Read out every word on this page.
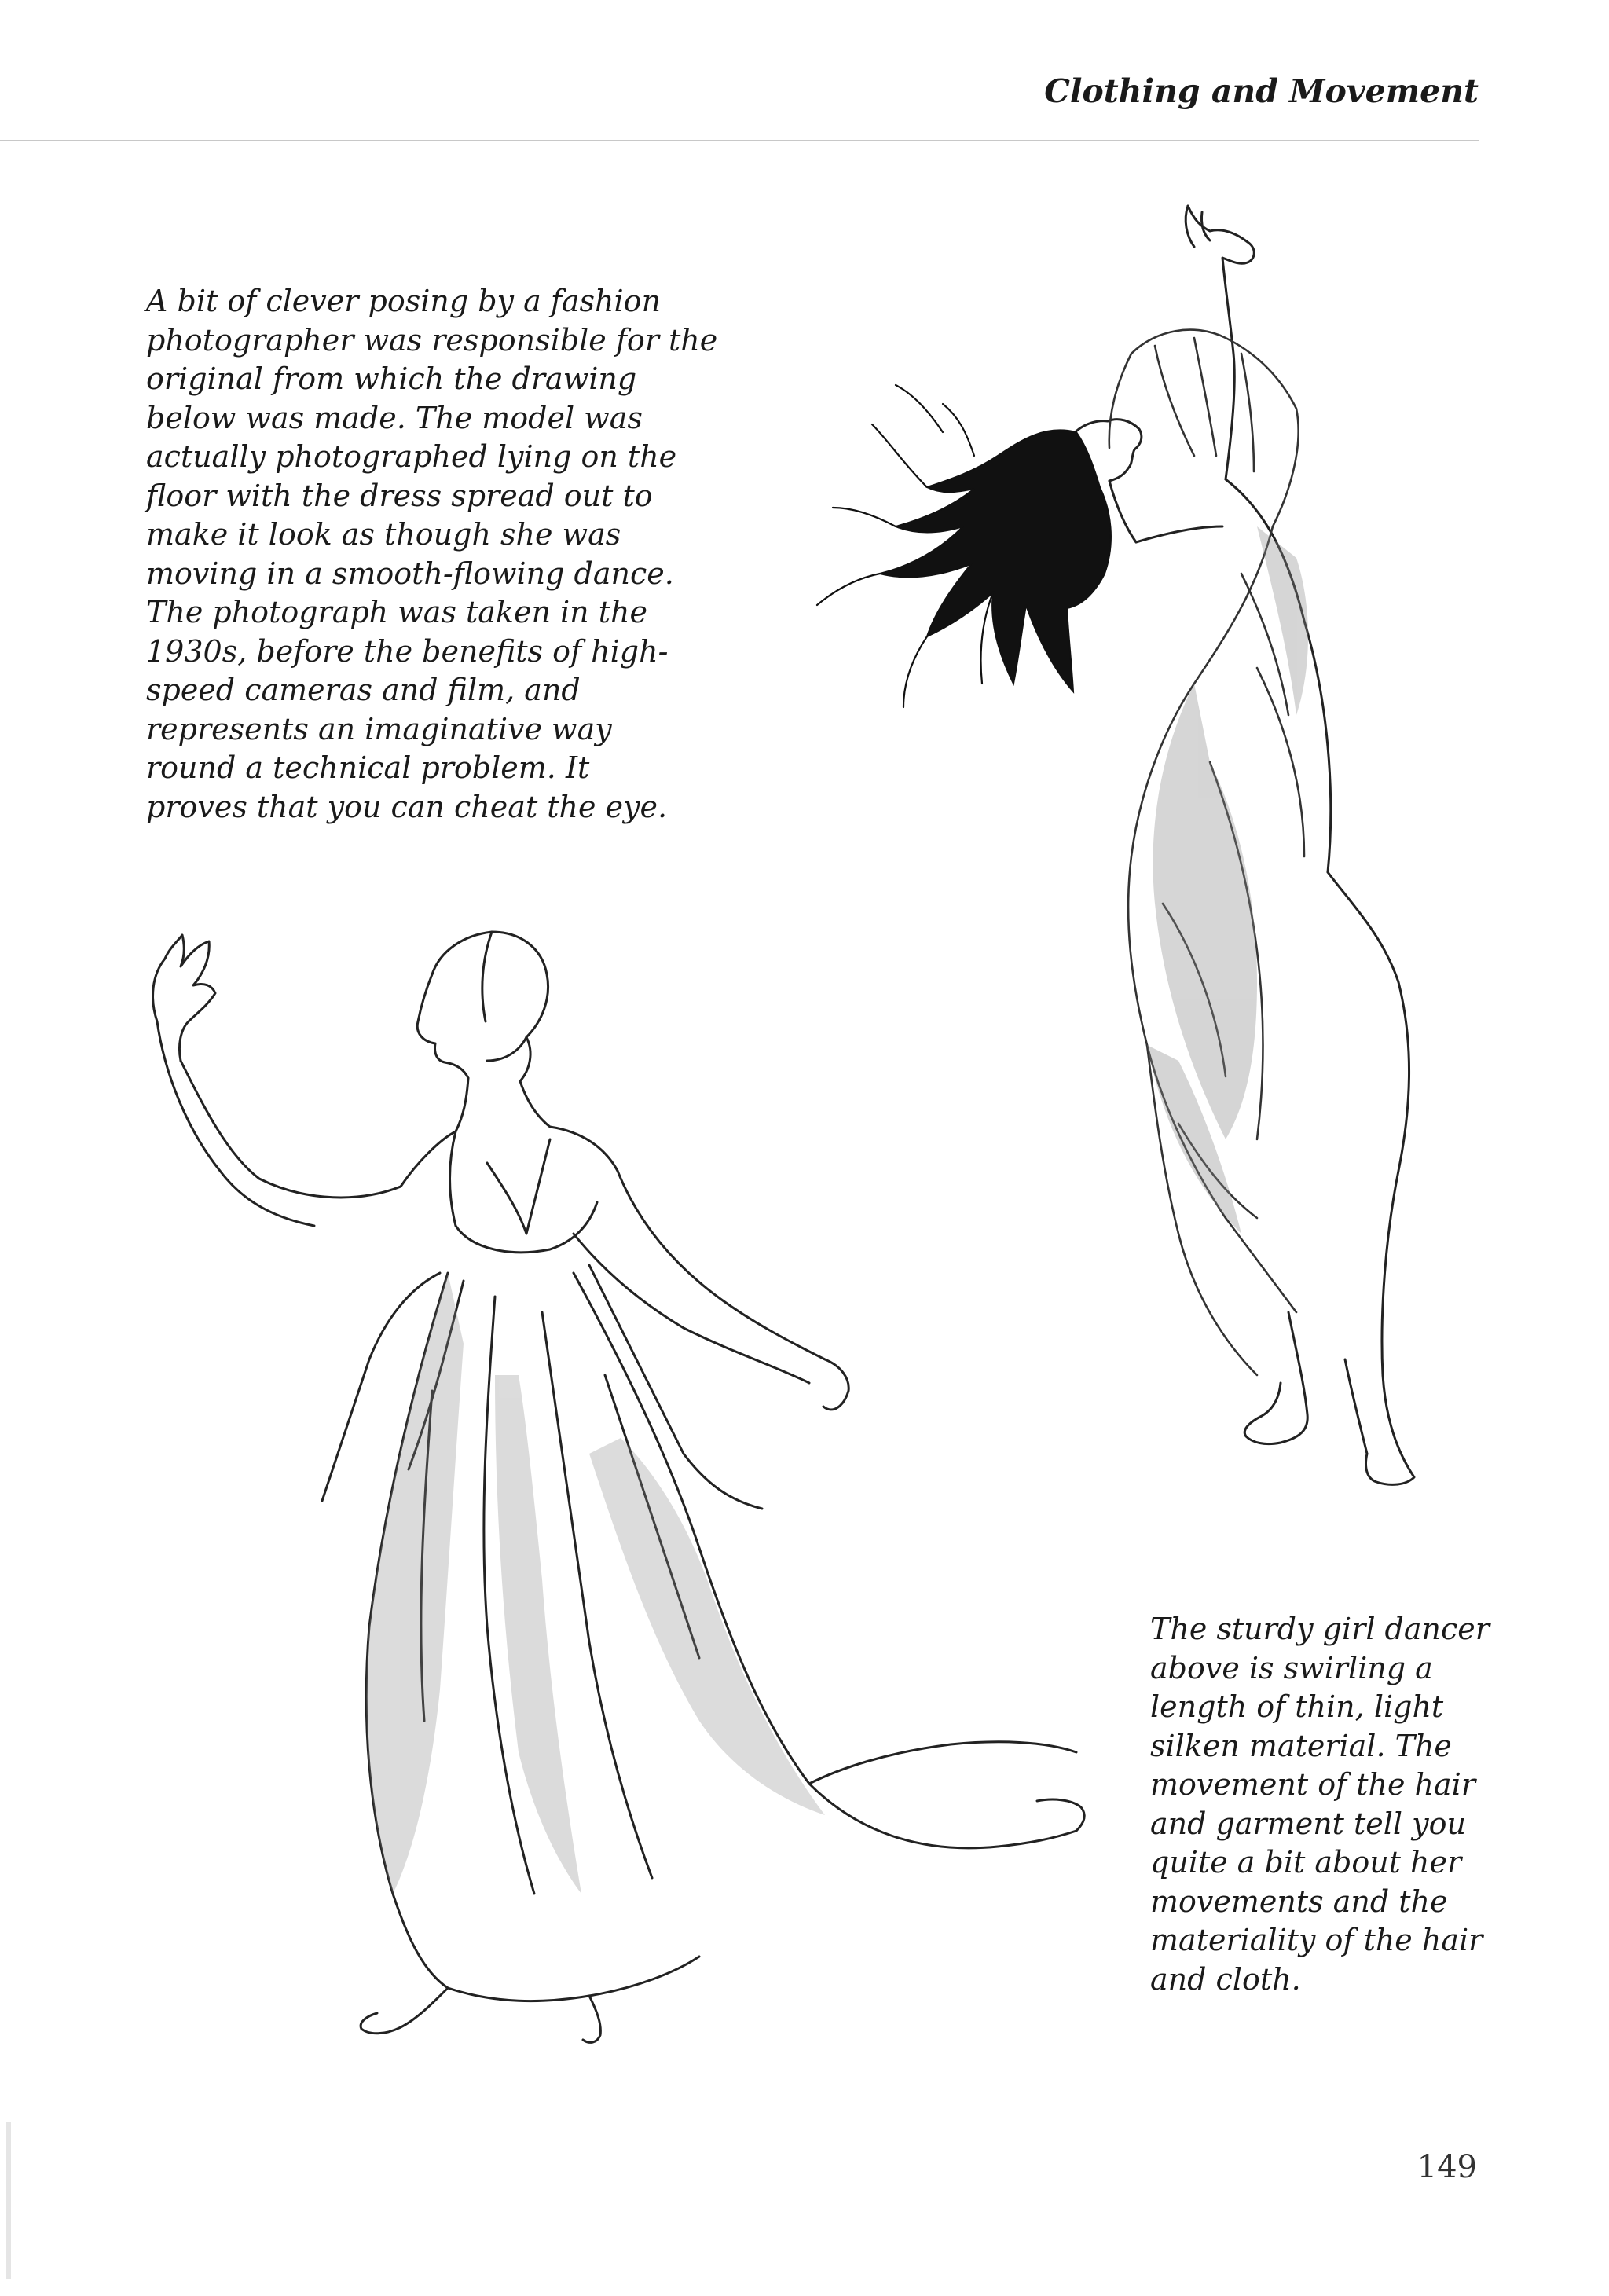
Clothing and Movement
A bit of clever posing by a fashion
photographer was responsible for the
original from which the drawing
below was made. The model was
actually photographed lying on the
floor with the dress spread out to
make it look as though she was
moving in a smooth-flowing dance.
The photograph was taken in the
1930s, before the benefits of high-
speed cameras and film, and
represents an imaginative way
round a technical problem. It
proves that you can cheat the eye.
The sturdy girl dancer
above is swirling a
length of thin, light
silken material. The
movement of the hair
and garment tell you
quite a bit about her
movements and the
materiality of the hair
and cloth.
149
